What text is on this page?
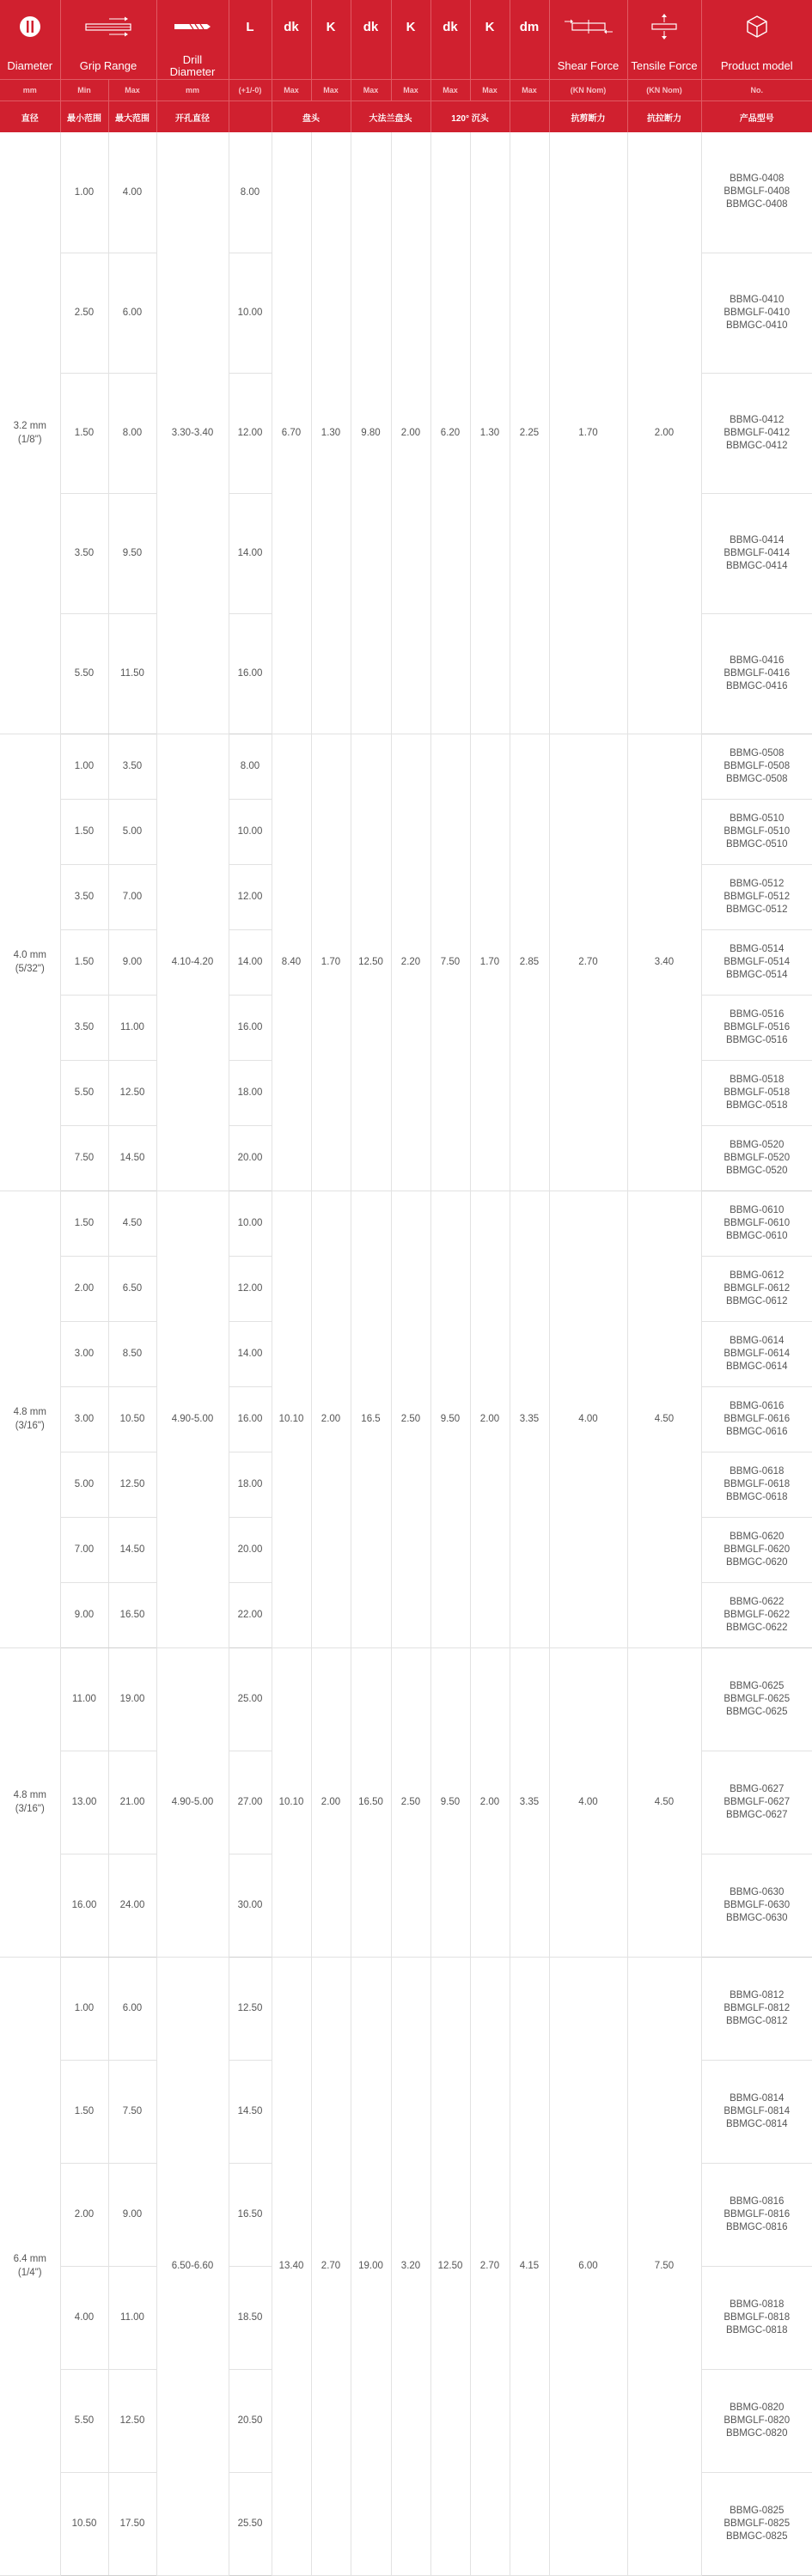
	L	dk	K	dk	K	dk	K	dm	

Diameter	Grip Range		Drill
Diameter									Shear Force	Tensile Force	Product model
mm	Min	Max	mm	(+1/-0)	Max	Max	Max	Max	Max	Max	Max	(KN Nom)	(KN Nom)	No.
直径	最小范围	最大范围	开孔直径		盘头		大法兰盘头		120° 沉头			抗剪断力	抗拉断力	产品型号

3.2 mm
(1/8")	1.00	4.00	3.30-3.40	8.00	6.70	1.30	9.80	2.00	6.20	1.30	2.25	1.70	2.00	BBMG-0408
BBMGLF-0408
BBMGC-0408

	2.50	6.00		10.00										BBMG-0410
BBMGLF-0410
BBMGC-0410

	1.50	8.00		12.00										BBMG-0412
BBMGLF-0412
BBMGC-0412

	3.50	9.50		14.00										BBMG-0414
BBMGLF-0414
BBMGC-0414

	5.50	11.50		16.00										BBMG-0416
BBMGLF-0416
BBMGC-0416

4.0 mm
(5/32")	1.00	3.50	4.10-4.20	8.00	8.40	1.70	12.50	2.20	7.50	1.70	2.85	2.70	3.40	BBMG-0508
BBMGLF-0508
BBMGC-0508

	1.50	5.00		10.00										BBMG-0510
BBMGLF-0510
BBMGC-0510

	3.50	7.00		12.00										BBMG-0512
BBMGLF-0512
BBMGC-0512

	1.50	9.00		14.00										BBMG-0514
BBMGLF-0514
BBMGC-0514

	3.50	11.00		16.00										BBMG-0516
BBMGLF-0516
BBMGC-0516

	5.50	12.50		18.00										BBMG-0518
BBMGLF-0518
BBMGC-0518

	7.50	14.50		20.00										BBMG-0520
BBMGLF-0520
BBMGC-0520

4.8 mm
(3/16")	1.50	4.50	4.90-5.00	10.00	10.10	2.00	16.5	2.50	9.50	2.00	3.35	4.00	4.50	BBMG-0610
BBMGLF-0610
BBMGC-0610

	2.00	6.50		12.00										BBMG-0612
BBMGLF-0612
BBMGC-0612

	3.00	8.50		14.00										BBMG-0614
BBMGLF-0614
BBMGC-0614

	3.00	10.50		16.00										BBMG-0616
BBMGLF-0616
BBMGC-0616

	5.00	12.50		18.00										BBMG-0618
BBMGLF-0618
BBMGC-0618

	7.00	14.50		20.00										BBMG-0620
BBMGLF-0620
BBMGC-0620

	9.00	16.50		22.00										BBMG-0622
BBMGLF-0622
BBMGC-0622

4.8 mm
(3/16")	11.00	19.00	4.90-5.00	25.00	10.10	2.00	16.50	2.50	9.50	2.00	3.35	4.00	4.50	BBMG-0625
BBMGLF-0625
BBMGC-0625

	13.00	21.00		27.00										BBMG-0627
BBMGLF-0627
BBMGC-0627

	16.00	24.00		30.00										BBMG-0630
BBMGLF-0630
BBMGC-0630

6.4 mm
(1/4")	1.00	6.00	6.50-6.60	12.50	13.40	2.70	19.00	3.20	12.50	2.70	4.15	6.00	7.50	BBMG-0812
BBMGLF-0812
BBMGC-0812

	1.50	7.50		14.50										BBMG-0814
BBMGLF-0814
BBMGC-0814

	2.00	9.00		16.50										BBMG-0816
BBMGLF-0816
BBMGC-0816

	4.00	11.00		18.50										BBMG-0818
BBMGLF-0818
BBMGC-0818

	5.50	12.50		20.50										BBMG-0820
BBMGLF-0820
BBMGC-0820

	10.50	17.50		25.50										BBMG-0825
BBMGLF-0825
BBMGC-0825
